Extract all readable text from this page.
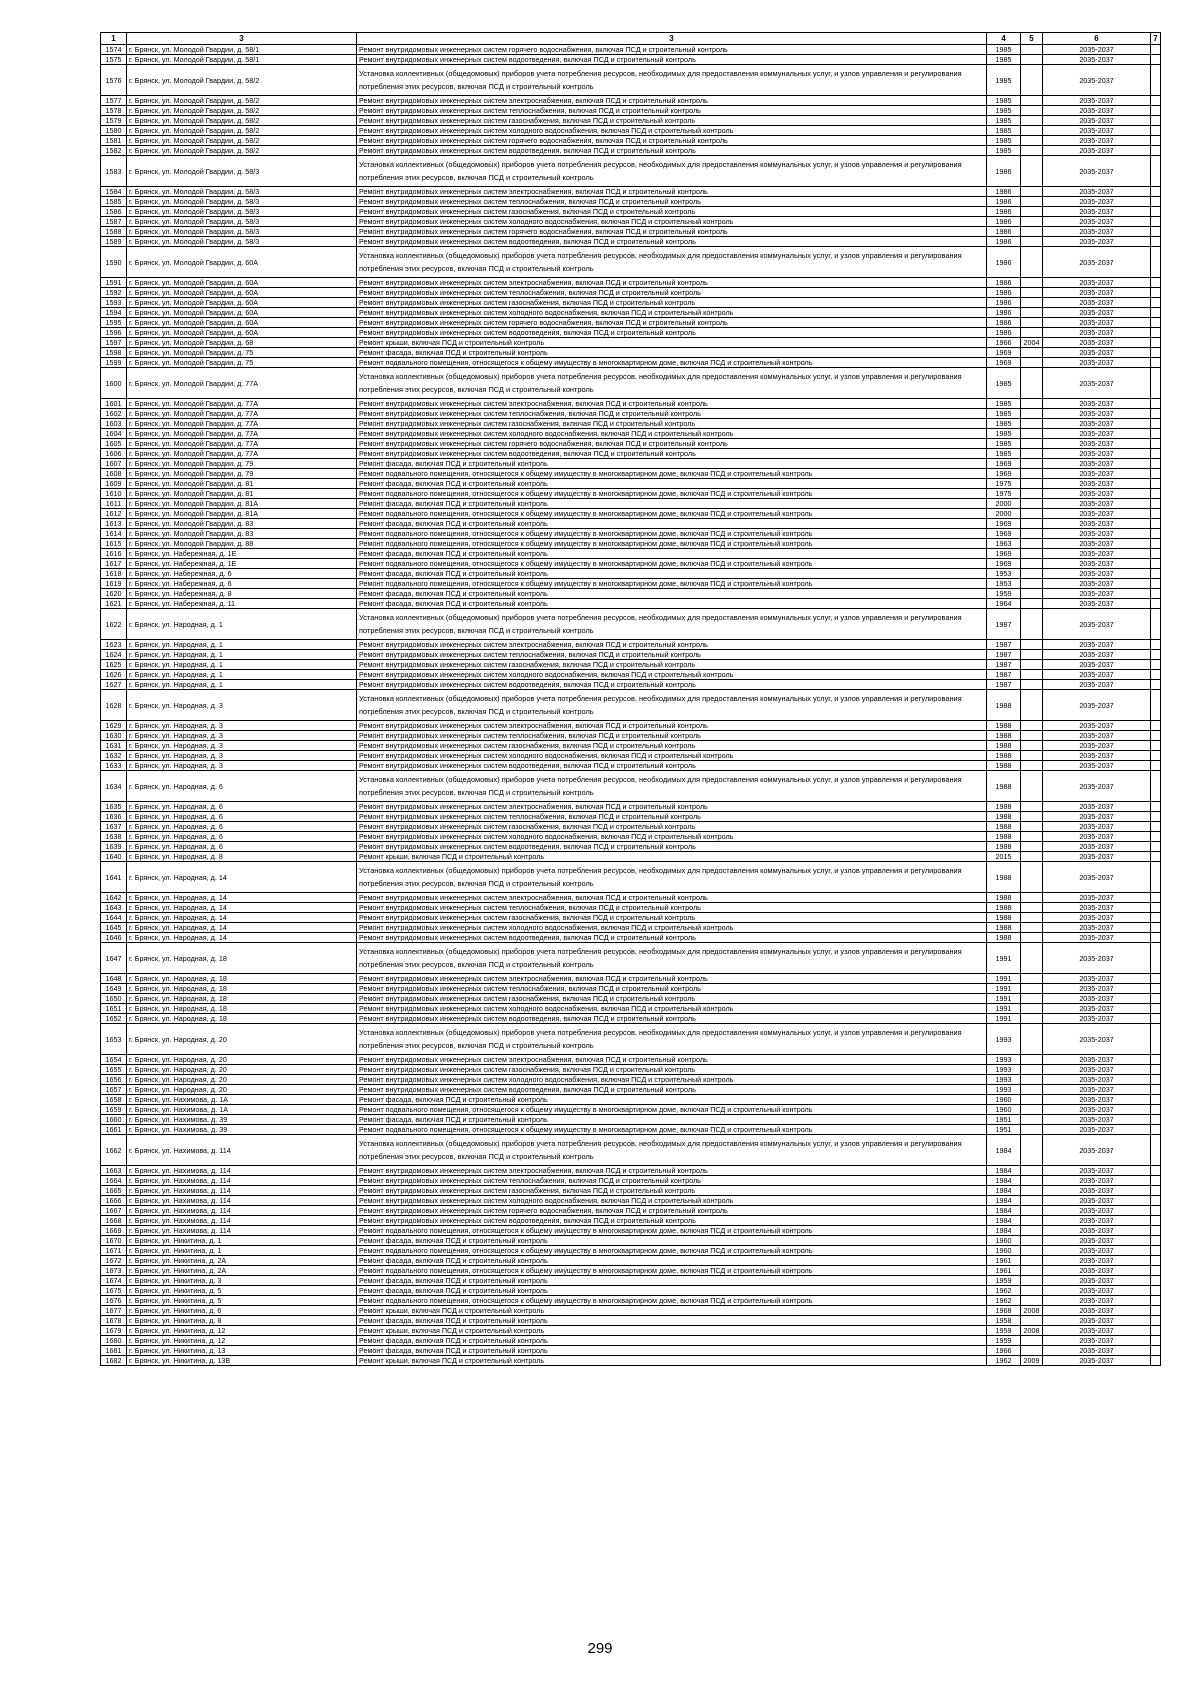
1	3	3	4	5	6	7
1574	г. Брянск, ул. Молодой Гвардии, д. 58/1	Ремонт внутридомовых инженерных систем горячего водоснабжения, включая ПСД и строительный контроль	1985		2035-2037	
1575	г. Брянск, ул. Молодой Гвардии, д. 58/1	Ремонт внутридомовых инженерных систем водоотведения, включая ПСД и строительный контроль	1985		2035-2037	
1576	г. Брянск, ул. Молодой Гвардии, д. 58/2	Установка коллективных (общедомовых) приборов учета потребления ресурсов, необходимых для предоставления коммунальных услуг, и узлов управления и регулирования потребления этих ресурсов, включая ПСД и строительный контроль	1985		2035-2037	
1577	г. Брянск, ул. Молодой Гвардии, д. 58/2	Ремонт внутридомовых инженерных систем электроснабжения, включая ПСД и строительный контроль	1985		2035-2037	
1578	г. Брянск, ул. Молодой Гвардии, д. 58/2	Ремонт внутридомовых инженерных систем теплоснабжения, включая ПСД и строительный контроль	1985		2035-2037	
1579	г. Брянск, ул. Молодой Гвардии, д. 58/2	Ремонт внутридомовых инженерных систем газоснабжения, включая ПСД и строительный контроль	1985		2035-2037	
1580	г. Брянск, ул. Молодой Гвардии, д. 58/2	Ремонт внутридомовых инженерных систем холодного водоснабжения, включая ПСД и строительный контроль	1985		2035-2037	
1581	г. Брянск, ул. Молодой Гвардии, д. 58/2	Ремонт внутридомовых инженерных систем горячего водоснабжения, включая ПСД и строительный контроль	1985		2035-2037	
1582	г. Брянск, ул. Молодой Гвардии, д. 58/2	Ремонт внутридомовых инженерных систем водоотведения, включая ПСД и строительный контроль	1985		2035-2037	
1583	г. Брянск, ул. Молодой Гвардии, д. 58/3	Установка коллективных (общедомовых) приборов учета потребления ресурсов, необходимых для предоставления коммунальных услуг, и узлов управления и регулирования потребления этих ресурсов, включая ПСД и строительный контроль	1986		2035-2037	
1584	г. Брянск, ул. Молодой Гвардии, д. 58/3	Ремонт внутридомовых инженерных систем электроснабжения, включая ПСД и строительный контроль	1986		2035-2037	
1585	г. Брянск, ул. Молодой Гвардии, д. 58/3	Ремонт внутридомовых инженерных систем теплоснабжения, включая ПСД и строительный контроль	1986		2035-2037	
1586	г. Брянск, ул. Молодой Гвардии, д. 58/3	Ремонт внутридомовых инженерных систем газоснабжения, включая ПСД и строительный контроль	1986		2035-2037	
1587	г. Брянск, ул. Молодой Гвардии, д. 58/3	Ремонт внутридомовых инженерных систем холодного водоснабжения, включая ПСД и строительный контроль	1986		2035-2037	
1588	г. Брянск, ул. Молодой Гвардии, д. 58/3	Ремонт внутридомовых инженерных систем горячего водоснабжения, включая ПСД и строительный контроль	1986		2035-2037	
1589	г. Брянск, ул. Молодой Гвардии, д. 58/3	Ремонт внутридомовых инженерных систем водоотведения, включая ПСД и строительный контроль	1986		2035-2037	
1590	г. Брянск, ул. Молодой Гвардии, д. 60А	Установка коллективных (общедомовых) приборов учета потребления ресурсов, необходимых для предоставления коммунальных услуг, и узлов управления и регулирования потребления этих ресурсов, включая ПСД и строительный контроль	1986		2035-2037	
1591	г. Брянск, ул. Молодой Гвардии, д. 60А	Ремонт внутридомовых инженерных систем электроснабжения, включая ПСД и строительный контроль	1986		2035-2037	
1592	г. Брянск, ул. Молодой Гвардии, д. 60А	Ремонт внутридомовых инженерных систем теплоснабжения, включая ПСД и строительный контроль	1986		2035-2037	
1593	г. Брянск, ул. Молодой Гвардии, д. 60А	Ремонт внутридомовых инженерных систем газоснабжения, включая ПСД и строительный контроль	1986		2035-2037	
1594	г. Брянск, ул. Молодой Гвардии, д. 60А	Ремонт внутридомовых инженерных систем холодного водоснабжения, включая ПСД и строительный контроль	1986		2035-2037	
1595	г. Брянск, ул. Молодой Гвардии, д. 60А	Ремонт внутридомовых инженерных систем горячего водоснабжения, включая ПСД и строительный контроль	1986		2035-2037	
1596	г. Брянск, ул. Молодой Гвардии, д. 60А	Ремонт внутридомовых инженерных систем водоотведения, включая ПСД и строительный контроль	1986		2035-2037	
1597	г. Брянск, ул. Молодой Гвардии, д. 68	Ремонт крыши, включая ПСД и строительный контроль	1966	2004	2035-2037	
1598	г. Брянск, ул. Молодой Гвардии, д. 75	Ремонт фасада, включая ПСД и строительный контроль	1969		2035-2037	
1599	г. Брянск, ул. Молодой Гвардии, д. 75	Ремонт подвального помещения, относящегося к общему имуществу в многоквартирном доме, включая ПСД и строительный контроль	1969		2035-2037	
1600	г. Брянск, ул. Молодой Гвардии, д. 77А	Установка коллективных (общедомовых) приборов учета потребления ресурсов, необходимых для предоставления коммунальных услуг, и узлов управления и регулирования потребления этих ресурсов, включая ПСД и строительный контроль	1985		2035-2037	
1601	г. Брянск, ул. Молодой Гвардии, д. 77А	Ремонт внутридомовых инженерных систем электроснабжения, включая ПСД и строительный контроль	1985		2035-2037	
1602	г. Брянск, ул. Молодой Гвардии, д. 77А	Ремонт внутридомовых инженерных систем теплоснабжения, включая ПСД и строительный контроль	1985		2035-2037	
1603	г. Брянск, ул. Молодой Гвардии, д. 77А	Ремонт внутридомовых инженерных систем газоснабжения, включая ПСД и строительный контроль	1985		2035-2037	
1604	г. Брянск, ул. Молодой Гвардии, д. 77А	Ремонт внутридомовых инженерных систем холодного водоснабжения, включая ПСД и строительный контроль	1985		2035-2037	
1605	г. Брянск, ул. Молодой Гвардии, д. 77А	Ремонт внутридомовых инженерных систем горячего водоснабжения, включая ПСД и строительный контроль	1985		2035-2037	
1606	г. Брянск, ул. Молодой Гвардии, д. 77А	Ремонт внутридомовых инженерных систем водоотведения, включая ПСД и строительный контроль	1985		2035-2037	
1607	г. Брянск, ул. Молодой Гвардии, д. 79	Ремонт фасада, включая ПСД и строительный контроль	1969		2035-2037	
1608	г. Брянск, ул. Молодой Гвардии, д. 79	Ремонт подвального помещения, относящегося к общему имуществу в многоквартирном доме, включая ПСД и строительный контроль	1969		2035-2037	
1609	г. Брянск, ул. Молодой Гвардии, д. 81	Ремонт фасада, включая ПСД и строительный контроль	1975		2035-2037	
1610	г. Брянск, ул. Молодой Гвардии, д. 81	Ремонт подвального помещения, относящегося к общему имуществу в многоквартирном доме, включая ПСД и строительный контроль	1975		2035-2037	
1611	г. Брянск, ул. Молодой Гвардии, д. 81А	Ремонт фасада, включая ПСД и строительный контроль	2000		2035-2037	
1612	г. Брянск, ул. Молодой Гвардии, д. 81А	Ремонт подвального помещения, относящегося к общему имуществу в многоквартирном доме, включая ПСД и строительный контроль	2000		2035-2037	
1613	г. Брянск, ул. Молодой Гвардии, д. 83	Ремонт фасада, включая ПСД и строительный контроль	1969		2035-2037	
1614	г. Брянск, ул. Молодой Гвардии, д. 83	Ремонт подвального помещения, относящегося к общему имуществу в многоквартирном доме, включая ПСД и строительный контроль	1969		2035-2037	
1615	г. Брянск, ул. Молодой Гвардии, д. 88	Ремонт подвального помещения, относящегося к общему имуществу в многоквартирном доме, включая ПСД и строительный контроль	1963		2035-2037	
1616	г. Брянск, ул. Набережная, д. 1Е	Ремонт фасада, включая ПСД и строительный контроль	1969		2035-2037	
1617	г. Брянск, ул. Набережная, д. 1Е	Ремонт подвального помещения, относящегося к общему имуществу в многоквартирном доме, включая ПСД и строительный контроль	1969		2035-2037	
1618	г. Брянск, ул. Набережная, д. 6	Ремонт фасада, включая ПСД и строительный контроль	1953		2035-2037	
1619	г. Брянск, ул. Набережная, д. 6	Ремонт подвального помещения, относящегося к общему имуществу в многоквартирном доме, включая ПСД и строительный контроль	1953		2035-2037	
1620	г. Брянск, ул. Набережная, д. 8	Ремонт фасада, включая ПСД и строительный контроль	1959		2035-2037	
1621	г. Брянск, ул. Набережная, д. 11	Ремонт фасада, включая ПСД и строительный контроль	1964		2035-2037	
1622	г. Брянск, ул. Народная, д. 1	Установка коллективных (общедомовых) приборов учета потребления ресурсов, необходимых для предоставления коммунальных услуг, и узлов управления и регулирования потребления этих ресурсов, включая ПСД и строительный контроль	1987		2035-2037	
1623	г. Брянск, ул. Народная, д. 1	Ремонт внутридомовых инженерных систем электроснабжения, включая ПСД и строительный контроль	1987		2035-2037	
1624	г. Брянск, ул. Народная, д. 1	Ремонт внутридомовых инженерных систем теплоснабжения, включая ПСД и строительный контроль	1987		2035-2037	
1625	г. Брянск, ул. Народная, д. 1	Ремонт внутридомовых инженерных систем газоснабжения, включая ПСД и строительный контроль	1987		2035-2037	
1626	г. Брянск, ул. Народная, д. 1	Ремонт внутридомовых инженерных систем холодного водоснабжения, включая ПСД и строительный контроль	1987		2035-2037	
1627	г. Брянск, ул. Народная, д. 1	Ремонт внутридомовых инженерных систем водоотведения, включая ПСД и строительный контроль	1987		2035-2037	
1628	г. Брянск, ул. Народная, д. 3	Установка коллективных (общедомовых) приборов учета потребления ресурсов, необходимых для предоставления коммунальных услуг, и узлов управления и регулирования потребления этих ресурсов, включая ПСД и строительный контроль	1988		2035-2037	
1629	г. Брянск, ул. Народная, д. 3	Ремонт внутридомовых инженерных систем электроснабжения, включая ПСД и строительный контроль	1988		2035-2037	
1630	г. Брянск, ул. Народная, д. 3	Ремонт внутридомовых инженерных систем теплоснабжения, включая ПСД и строительный контроль	1988		2035-2037	
1631	г. Брянск, ул. Народная, д. 3	Ремонт внутридомовых инженерных систем газоснабжения, включая ПСД и строительный контроль	1988		2035-2037	
1632	г. Брянск, ул. Народная, д. 3	Ремонт внутридомовых инженерных систем холодного водоснабжения, включая ПСД и строительный контроль	1988		2035-2037	
1633	г. Брянск, ул. Народная, д. 3	Ремонт внутридомовых инженерных систем водоотведения, включая ПСД и строительный контроль	1988		2035-2037	
1634	г. Брянск, ул. Народная, д. 6	Установка коллективных (общедомовых) приборов учета потребления ресурсов, необходимых для предоставления коммунальных услуг, и узлов управления и регулирования потребления этих ресурсов, включая ПСД и строительный контроль	1988		2035-2037	
1635	г. Брянск, ул. Народная, д. 6	Ремонт внутридомовых инженерных систем электроснабжения, включая ПСД и строительный контроль	1988		2035-2037	
1636	г. Брянск, ул. Народная, д. 6	Ремонт внутридомовых инженерных систем теплоснабжения, включая ПСД и строительный контроль	1988		2035-2037	
1637	г. Брянск, ул. Народная, д. 6	Ремонт внутридомовых инженерных систем газоснабжения, включая ПСД и строительный контроль	1988		2035-2037	
1638	г. Брянск, ул. Народная, д. 6	Ремонт внутридомовых инженерных систем холодного водоснабжения, включая ПСД и строительный контроль	1988		2035-2037	
1639	г. Брянск, ул. Народная, д. 6	Ремонт внутридомовых инженерных систем водоотведения, включая ПСД и строительный контроль	1988		2035-2037	
1640	г. Брянск, ул. Народная, д. 8	Ремонт крыши, включая ПСД и строительный контроль	2015		2035-2037	
1641	г. Брянск, ул. Народная, д. 14	Установка коллективных (общедомовых) приборов учета потребления ресурсов, необходимых для предоставления коммунальных услуг, и узлов управления и регулирования потребления этих ресурсов, включая ПСД и строительный контроль	1988		2035-2037	
1642	г. Брянск, ул. Народная, д. 14	Ремонт внутридомовых инженерных систем электроснабжения, включая ПСД и строительный контроль	1988		2035-2037	
1643	г. Брянск, ул. Народная, д. 14	Ремонт внутридомовых инженерных систем теплоснабжения, включая ПСД и строительный контроль	1988		2035-2037	
1644	г. Брянск, ул. Народная, д. 14	Ремонт внутридомовых инженерных систем газоснабжения, включая ПСД и строительный контроль	1988		2035-2037	
1645	г. Брянск, ул. Народная, д. 14	Ремонт внутридомовых инженерных систем холодного водоснабжения, включая ПСД и строительный контроль	1988		2035-2037	
1646	г. Брянск, ул. Народная, д. 14	Ремонт внутридомовых инженерных систем водоотведения, включая ПСД и строительный контроль	1988		2035-2037	
1647	г. Брянск, ул. Народная, д. 18	Установка коллективных (общедомовых) приборов учета потребления ресурсов, необходимых для предоставления коммунальных услуг, и узлов управления и регулирования потребления этих ресурсов, включая ПСД и строительный контроль	1991		2035-2037	
1648	г. Брянск, ул. Народная, д. 18	Ремонт внутридомовых инженерных систем электроснабжения, включая ПСД и строительный контроль	1991		2035-2037	
1649	г. Брянск, ул. Народная, д. 18	Ремонт внутридомовых инженерных систем теплоснабжения, включая ПСД и строительный контроль	1991		2035-2037	
1650	г. Брянск, ул. Народная, д. 18	Ремонт внутридомовых инженерных систем газоснабжения, включая ПСД и строительный контроль	1991		2035-2037	
1651	г. Брянск, ул. Народная, д. 18	Ремонт внутридомовых инженерных систем холодного водоснабжения, включая ПСД и строительный контроль	1991		2035-2037	
1652	г. Брянск, ул. Народная, д. 18	Ремонт внутридомовых инженерных систем водоотведения, включая ПСД и строительный контроль	1991		2035-2037	
1653	г. Брянск, ул. Народная, д. 20	Установка коллективных (общедомовых) приборов учета потребления ресурсов, необходимых для предоставления коммунальных услуг, и узлов управления и регулирования потребления этих ресурсов, включая ПСД и строительный контроль	1993		2035-2037	
1654	г. Брянск, ул. Народная, д. 20	Ремонт внутридомовых инженерных систем электроснабжения, включая ПСД и строительный контроль	1993		2035-2037	
1655	г. Брянск, ул. Народная, д. 20	Ремонт внутридомовых инженерных систем газоснабжения, включая ПСД и строительный контроль	1993		2035-2037	
1656	г. Брянск, ул. Народная, д. 20	Ремонт внутридомовых инженерных систем холодного водоснабжения, включая ПСД и строительный контроль	1993		2035-2037	
1657	г. Брянск, ул. Народная, д. 20	Ремонт внутридомовых инженерных систем водоотведения, включая ПСД и строительный контроль	1993		2035-2037	
1658	г. Брянск, ул. Нахимова, д. 1А	Ремонт фасада, включая ПСД и строительный контроль	1960		2035-2037	
1659	г. Брянск, ул. Нахимова, д. 1А	Ремонт подвального помещения, относящегося к общему имуществу в многоквартирном доме, включая ПСД и строительный контроль	1960		2035-2037	
1660	г. Брянск, ул. Нахимова, д. 39	Ремонт фасада, включая ПСД и строительный контроль	1951		2035-2037	
1661	г. Брянск, ул. Нахимова, д. 39	Ремонт подвального помещения, относящегося к общему имуществу в многоквартирном доме, включая ПСД и строительный контроль	1951		2035-2037	
1662	г. Брянск, ул. Нахимова, д. 114	Установка коллективных (общедомовых) приборов учета потребления ресурсов, необходимых для предоставления коммунальных услуг, и узлов управления и регулирования потребления этих ресурсов, включая ПСД и строительный контроль	1984		2035-2037	
1663	г. Брянск, ул. Нахимова, д. 114	Ремонт внутридомовых инженерных систем электроснабжения, включая ПСД и строительный контроль	1984		2035-2037	
1664	г. Брянск, ул. Нахимова, д. 114	Ремонт внутридомовых инженерных систем теплоснабжения, включая ПСД и строительный контроль	1984		2035-2037	
1665	г. Брянск, ул. Нахимова, д. 114	Ремонт внутридомовых инженерных систем газоснабжения, включая ПСД и строительный контроль	1984		2035-2037	
1666	г. Брянск, ул. Нахимова, д. 114	Ремонт внутридомовых инженерных систем холодного водоснабжения, включая ПСД и строительный контроль	1984		2035-2037	
1667	г. Брянск, ул. Нахимова, д. 114	Ремонт внутридомовых инженерных систем горячего водоснабжения, включая ПСД и строительный контроль	1984		2035-2037	
1668	г. Брянск, ул. Нахимова, д. 114	Ремонт внутридомовых инженерных систем водоотведения, включая ПСД и строительный контроль	1984		2035-2037	
1669	г. Брянск, ул. Нахимова, д. 114	Ремонт подвального помещения, относящегося к общему имуществу в многоквартирном доме, включая ПСД и строительный контроль	1984		2035-2037	
1670	г. Брянск, ул. Никитина, д. 1	Ремонт фасада, включая ПСД и строительный контроль	1960		2035-2037	
1671	г. Брянск, ул. Никитина, д. 1	Ремонт подвального помещения, относящегося к общему имуществу в многоквартирном доме, включая ПСД и строительный контроль	1960		2035-2037	
1672	г. Брянск, ул. Никитина, д. 2А	Ремонт фасада, включая ПСД и строительный контроль	1961		2035-2037	
1673	г. Брянск, ул. Никитина, д. 2А	Ремонт подвального помещения, относящегося к общему имуществу в многоквартирном доме, включая ПСД и строительный контроль	1961		2035-2037	
1674	г. Брянск, ул. Никитина, д. 3	Ремонт фасада, включая ПСД и строительный контроль	1959		2035-2037	
1675	г. Брянск, ул. Никитина, д. 5	Ремонт фасада, включая ПСД и строительный контроль	1962		2035-2037	
1676	г. Брянск, ул. Никитина, д. 5	Ремонт подвального помещения, относящегося к общему имуществу в многоквартирном доме, включая ПСД и строительный контроль	1962		2035-2037	
1677	г. Брянск, ул. Никитина, д. 6	Ремонт крыши, включая ПСД и строительный контроль	1968	2008	2035-2037	
1678	г. Брянск, ул. Никитина, д. 8	Ремонт фасада, включая ПСД и строительный контроль	1958		2035-2037	
1679	г. Брянск, ул. Никитина, д. 12	Ремонт крыши, включая ПСД и строительный контроль	1959	2008	2035-2037	
1680	г. Брянск, ул. Никитина, д. 12	Ремонт фасада, включая ПСД и строительный контроль	1959		2035-2037	
1681	г. Брянск, ул. Никитина, д. 13	Ремонт фасада, включая ПСД и строительный контроль	1966		2035-2037	
1682	г. Брянск, ул. Никитина, д. 13В	Ремонт крыши, включая ПСД и строительный контроль	1962	2009	2035-2037	
299
